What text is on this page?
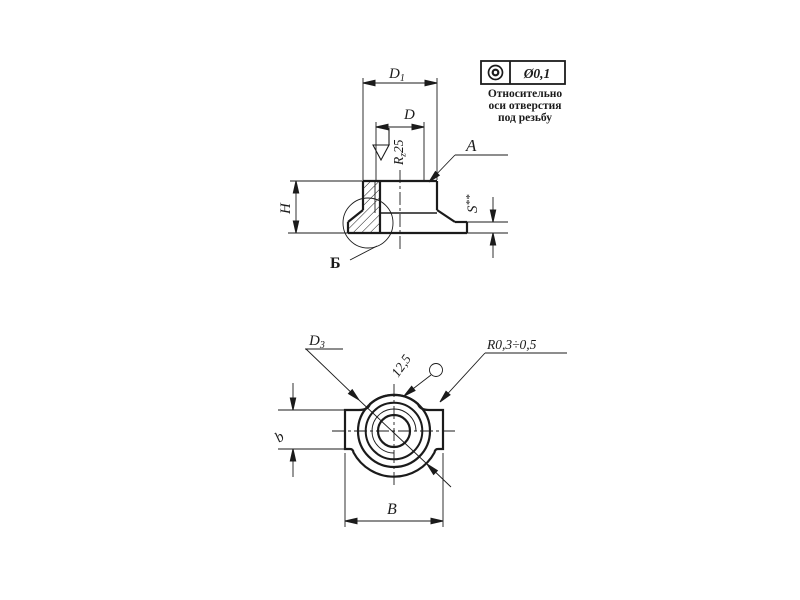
$D_1$
D
Rz25
H	S**
A
Б
Ø0,1
Относительно
оси отверстия
под резьбу
b
B
$D_3$
12,5
R0,3÷0,5
